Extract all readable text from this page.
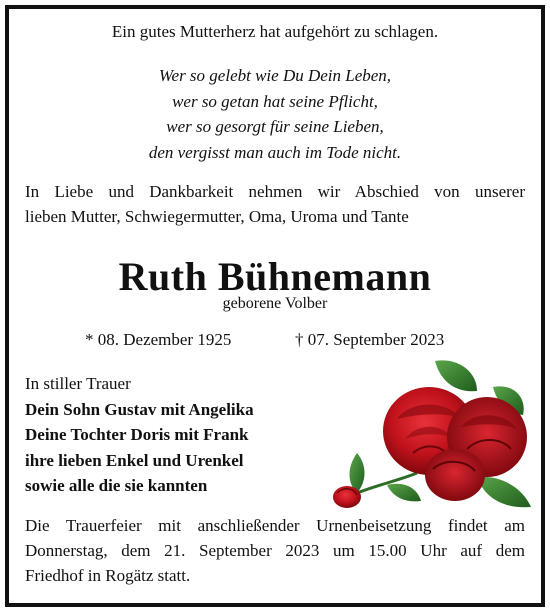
Ein gutes Mutterherz hat aufgehört zu schlagen.
Wer so gelebt wie Du Dein Leben,
wer so getan hat seine Pflicht,
wer so gesorgt für seine Lieben,
den vergisst man auch im Tode nicht.
In Liebe und Dankbarkeit nehmen wir Abschied von unserer
lieben Mutter, Schwiegermutter, Oma, Uroma und Tante
Ruth Bühnemann
geborene Volber
* 08. Dezember 1925	† 07. September 2023
In stiller Trauer
Dein Sohn Gustav mit Angelika
Deine Tochter Doris mit Frank
ihre lieben Enkel und Urenkel
sowie alle die sie kannten
Die Trauerfeier mit anschließender Urnenbeisetzung findet am
Donnerstag, dem 21. September 2023 um 15.00 Uhr auf dem
Friedhof in Rogätz statt.
